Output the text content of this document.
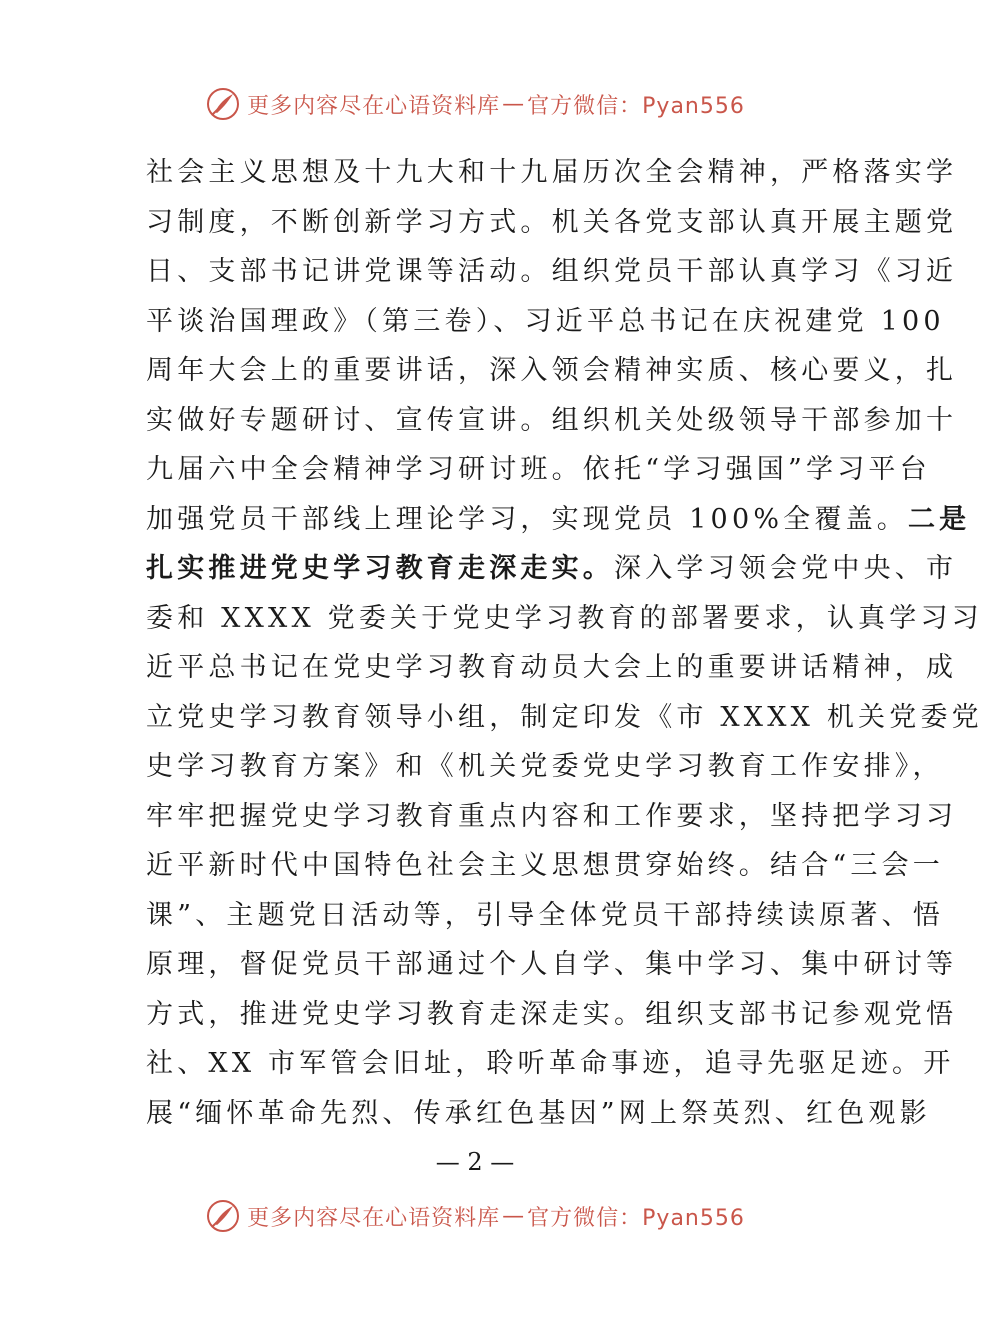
更多内容尽在心语资料库 — 官方微信：Pyan556
社会主义思想及十九大和十九届历次全会精神，严格落实学
习制度，不断创新学习方式。机关各党支部认真开展主题党
日、支部书记讲党课等活动。组织党员干部认真学习《习近
平谈治国理政》（第三卷）、习近平总书记在庆祝建党 100
周年大会上的重要讲话，深入领会精神实质、核心要义，扎
实做好专题研讨、宣传宣讲。组织机关处级领导干部参加十
九届六中全会精神学习研讨班。依托“学习强国”学习平台
加强党员干部线上理论学习，实现党员 100%全覆盖。二是
扎实推进党史学习教育走深走实。深入学习领会党中央、市
委和 XXXX 党委关于党史学习教育的部署要求，认真学习习
近平总书记在党史学习教育动员大会上的重要讲话精神，成
立党史学习教育领导小组，制定印发《市 XXXX 机关党委党
史学习教育方案》和《机关党委党史学习教育工作安排》，
牢牢把握党史学习教育重点内容和工作要求，坚持把学习习
近平新时代中国特色社会主义思想贯穿始终。结合“三会一
课”、主题党日活动等，引导全体党员干部持续读原著、悟
原理，督促党员干部通过个人自学、集中学习、集中研讨等
方式，推进党史学习教育走深走实。组织支部书记参观党悟
社、XX 市军管会旧址，聆听革命事迹，追寻先驱足迹。开
展“缅怀革命先烈、传承红色基因”网上祭英烈、红色观影
— 2 —
更多内容尽在心语资料库 — 官方微信：Pyan556
